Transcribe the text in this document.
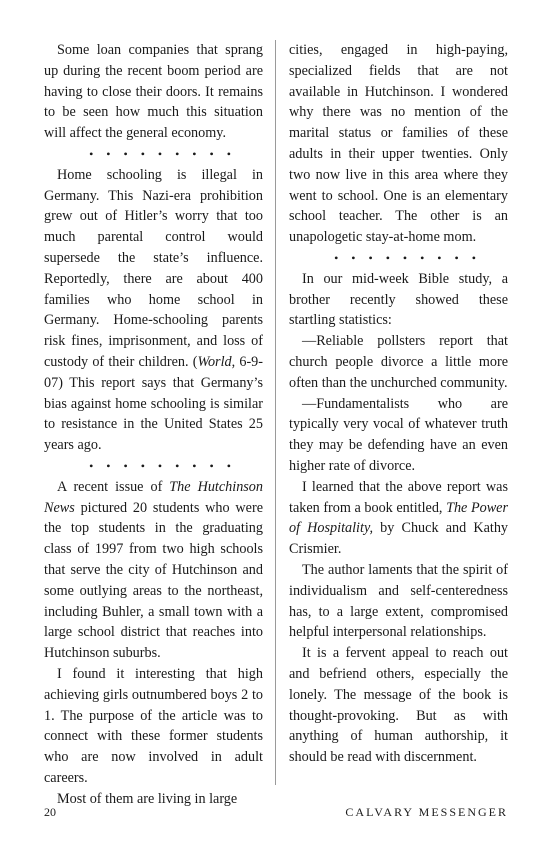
Some loan companies that sprang up during the recent boom period are having to close their doors. It remains to be seen how much this situation will affect the general economy.

• • • • • • • • •

Home schooling is illegal in Germany. This Nazi-era prohibition grew out of Hitler’s worry that too much parental control would supersede the state’s influence. Reportedly, there are about 400 families who home school in Germany. Home-schooling parents risk fines, imprisonment, and loss of custody of their children. (World, 6-9-07) This report says that Germany’s bias against home schooling is similar to resistance in the United States 25 years ago.

• • • • • • • • •

A recent issue of The Hutchinson News pictured 20 students who were the top students in the graduating class of 1997 from two high schools that serve the city of Hutchinson and some outlying areas to the northeast, including Buhler, a small town with a large school district that reaches into Hutchinson suburbs.

I found it interesting that high achieving girls outnumbered boys 2 to 1. The purpose of the article was to connect with these former students who are now involved in adult careers.

Most of them are living in large

cities, engaged in high-paying, specialized fields that are not available in Hutchinson. I wondered why there was no mention of the marital status or families of these adults in their upper twenties. Only two now live in this area where they went to school. One is an elementary school teacher. The other is an unapologetic stay-at-home mom.

• • • • • • • • •

In our mid-week Bible study, a brother recently showed these startling statistics:

—Reliable pollsters report that church people divorce a little more often than the unchurched community.

—Fundamentalists who are typically very vocal of whatever truth they may be defending have an even higher rate of divorce.

I learned that the above report was taken from a book entitled, The Power of Hospitality, by Chuck and Kathy Crismier.

The author laments that the spirit of individualism and self-centeredness has, to a large extent, compromised helpful interpersonal relationships.

It is a fervent appeal to reach out and befriend others, especially the lonely. The message of the book is thought-provoking. But as with anything of human authorship, it should be read with discernment.

20	CALVARY MESSENGER
